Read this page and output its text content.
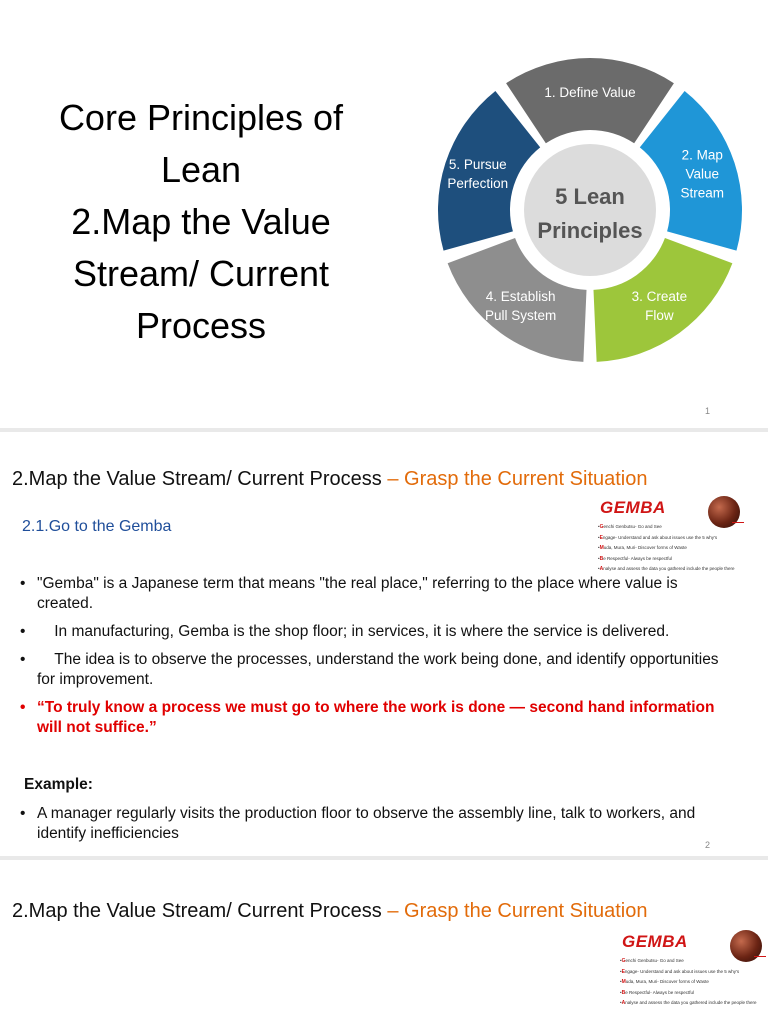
Core Principles of
Lean
2.Map the Value
Stream/ Current
Process
1. Define Value
2. Map Value Stream
3. Create Flow
4. Establish Pull System
5. Pursue Perfection
5 Lean Principles
1
2.Map the Value Stream/ Current Process – Grasp the Current Situation
GEMBA
•Genchi Genbutsu- Go and See
•Engage- Understand and ask about issues use the 5 why's
•Muda, Mura, Muri- Discover forms of Waste
•Be Respectful- Always be respectful
•Analyse and assess the data you gathered include the people there
2.1.Go to the Gemba
• "Gemba" is a Japanese term that means "the real place," referring to the place where value is created.
•     In manufacturing, Gemba is the shop floor; in services, it is where the service is delivered.
•     The idea is to observe the processes, understand the work being done, and identify opportunities for improvement.
• “To truly know a process we must go to where the work is done — second hand information will not suffice.”
Example:
• A manager regularly visits the production floor to observe the assembly line, talk to workers, and identify inefficiencies
2
2.Map the Value Stream/ Current Process – Grasp the Current Situation
GEMBA
•Genchi Genbutsu- Go and See
•Engage- Understand and ask about issues use the 5 why's
•Muda, Mura, Muri- Discover forms of Waste
•Be Respectful- Always be respectful
•Analyse and assess the data you gathered include the people there
